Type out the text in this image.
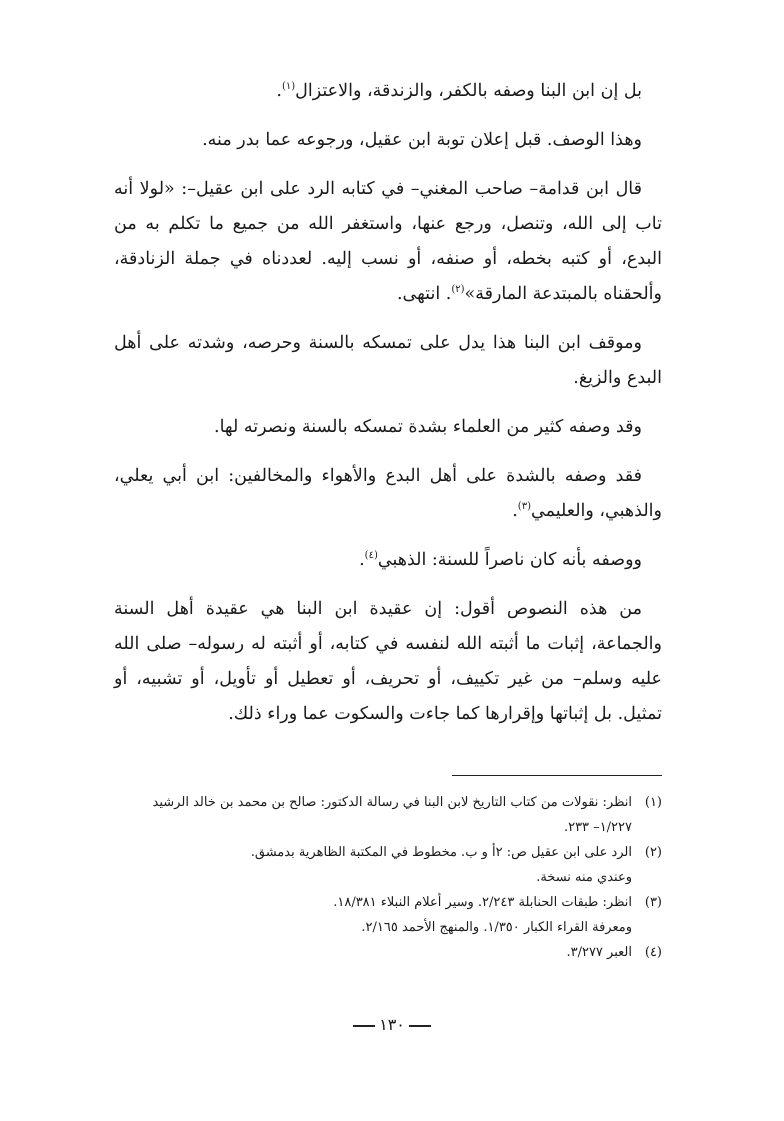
بل إن ابن البنا وصفه بالكفر، والزندقة، والاعتزال$^{(١)}$.

وهذا الوصف. قبل إعلان توبة ابن عقيل، ورجوعه عما بدر منه.

قال ابن قدامة– صاحب المغني– في كتابه الرد على ابن عقيل–: «لولا أنه تاب إلى الله، وتنصل، ورجع عنها، واستغفر الله من جميع ما تكلم به من البدع، أو كتبه بخطه، أو صنفه، أو نسب إليه. لعددناه في جملة الزنادقة، وألحقناه بالمبتدعة المارقة»$^{(٢)}$. انتهى.

وموقف ابن البنا هذا يدل على تمسكه بالسنة وحرصه، وشدته على أهل البدع والزيغ.

وقد وصفه كثير من العلماء بشدة تمسكه بالسنة ونصرته لها.

فقد وصفه بالشدة على أهل البدع والأهواء والمخالفين: ابن أبي يعلي، والذهبي، والعليمي$^{(٣)}$.

ووصفه بأنه كان ناصراً للسنة: الذهبي$^{(٤)}$.

من هذه النصوص أقول: إن عقيدة ابن البنا هي عقيدة أهل السنة والجماعة، إثبات ما أثبته الله لنفسه في كتابه، أو أثبته له رسوله– صلى الله عليه وسلم– من غير تكييف، أو تحريف، أو تعطيل أو تأويل، أو تشبيه، أو تمثيل. بل إثباتها وإقرارها كما جاءت والسكوت عما وراء ذلك.

(١)
انظر: نقولات من كتاب التاريخ لابن البنا في رسالة الدكتور: صالح بن محمد بن خالد الرشيد
١/٢٢٧– ٢٣٣.
(٢)
الرد على ابن عقيل ص: ٢أ و ب. مخطوط في المكتبة الظاهرية بدمشق.
وعندي منه نسخة.
(٣)
انظر: طبقات الحنابلة ٢/٢٤٣. وسير أعلام النبلاء ١٨/٣٨١.
ومعرفة القراء الكبار ١/٣٥٠. والمنهج الأحمد ٢/١٦٥.
(٤)
العبر ٣/٢٧٧.
١٣٠
